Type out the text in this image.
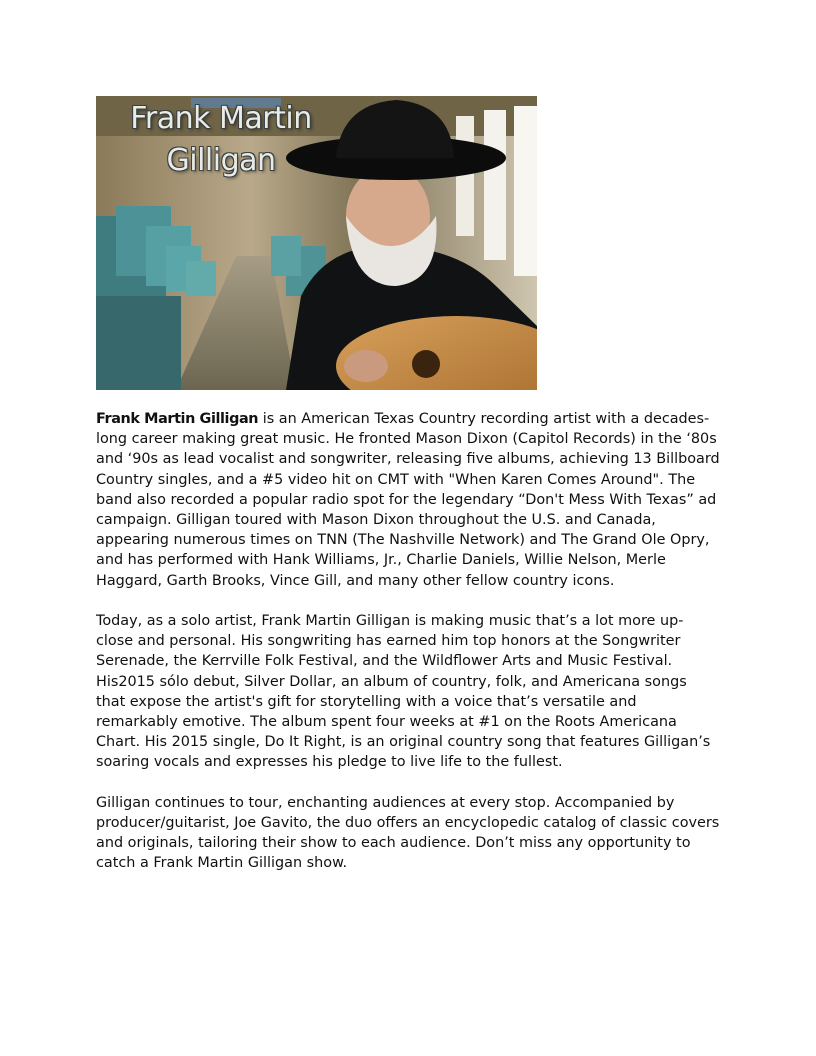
Frank Martin
Gilligan

Frank Martin Gilligan is an American Texas Country recording artist with a decades-long career making great music. He fronted Mason Dixon (Capitol Records) in the ‘80s and ‘90s as lead vocalist and songwriter, releasing five albums, achieving 13 Billboard Country singles, and a #5 video hit on CMT with "When Karen Comes Around". The band also recorded a popular radio spot for the legendary “Don't Mess With Texas” ad campaign. Gilligan toured with Mason Dixon throughout the U.S. and Canada, appearing numerous times on TNN (The Nashville Network) and The Grand Ole Opry, and has performed with Hank Williams, Jr., Charlie Daniels, Willie Nelson, Merle Haggard, Garth Brooks, Vince Gill, and many other fellow country icons.

Today, as a solo artist, Frank Martin Gilligan is making music that’s a lot more up-close and personal. His songwriting has earned him top honors at the Songwriter Serenade, the Kerrville Folk Festival, and the Wildflower Arts and Music Festival. His2015 sólo debut, Silver Dollar, an album of country, folk, and Americana songs that expose the artist's gift for storytelling with a voice that’s versatile and remarkably emotive. The album spent four weeks at #1 on the Roots Americana Chart. His 2015 single, Do It Right, is an original country song that features Gilligan’s soaring vocals and expresses his pledge to live life to the fullest.

Gilligan continues to tour, enchanting audiences at every stop. Accompanied by producer/guitarist, Joe Gavito, the duo offers an encyclopedic catalog of classic covers and originals, tailoring their show to each audience. Don’t miss any opportunity to catch a Frank Martin Gilligan show.
